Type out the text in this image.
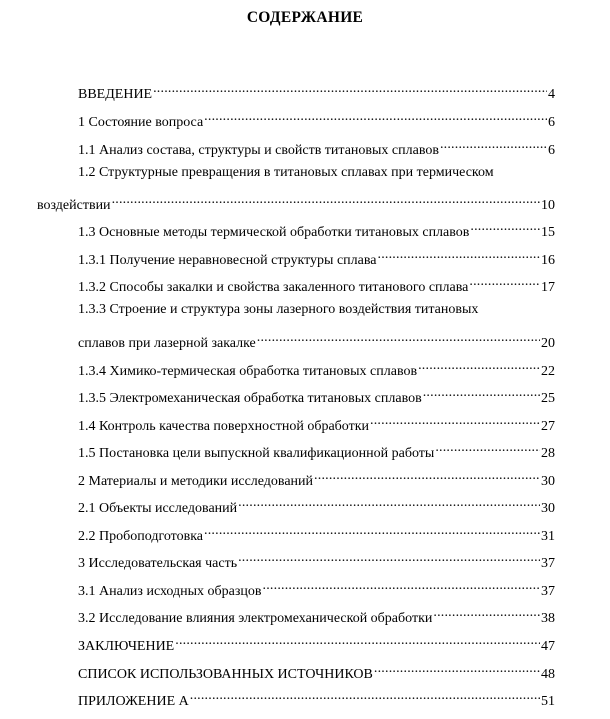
СОДЕРЖАНИЕ
ВВЕДЕНИЕ .....	4
1 Состояние вопроса .....	6
1.1 Анализ состава, структуры и свойств титановых сплавов .....	6
1.2 Структурные превращения в титановых сплавах при термическом
воздействии .....	10
1.3 Основные методы термической обработки титановых сплавов .....	15
1.3.1 Получение неравновесной структуры сплава .....	16
1.3.2 Способы закалки и свойства закаленного титанового сплава .....	17
1.3.3 Строение и структура зоны лазерного воздействия титановых
сплавов при лазерной закалке .....	20
1.3.4 Химико-термическая обработка титановых сплавов .....	22
1.3.5 Электромеханическая обработка титановых сплавов .....	25
1.4 Контроль качества поверхностной обработки .....	27
1.5 Постановка цели выпускной квалификационной работы .....	28
2 Материалы и методики исследований .....	30
2.1 Объекты исследований .....	30
2.2 Пробоподготовка .....	31
3 Исследовательская часть .....	37
3.1 Анализ исходных образцов .....	37
3.2 Исследование влияния электромеханической обработки .....	38
ЗАКЛЮЧЕНИЕ .....	47
СПИСОК ИСПОЛЬЗОВАННЫХ ИСТОЧНИКОВ .....	48
ПРИЛОЖЕНИЕ А .....	51
